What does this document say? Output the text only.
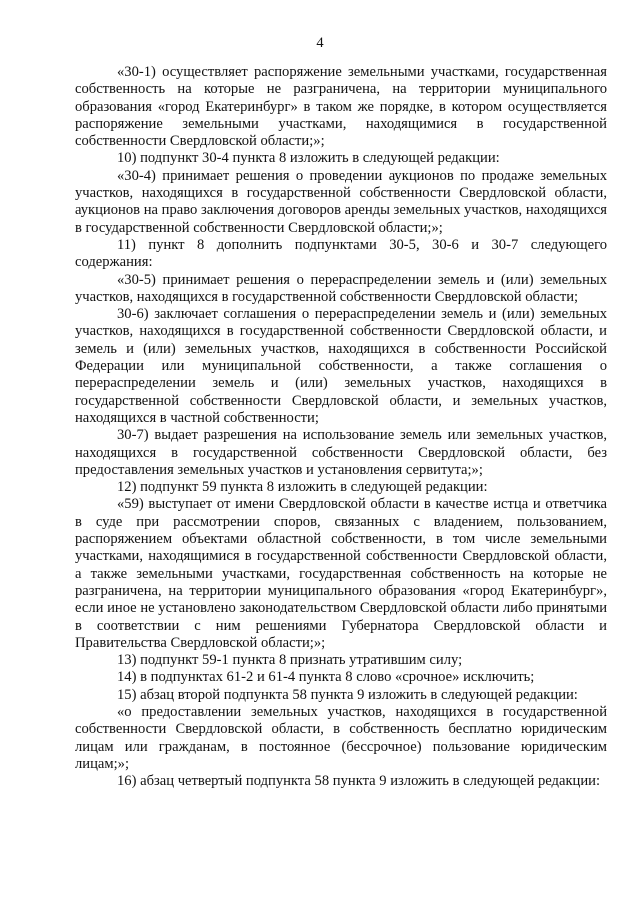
4

«30-1) осуществляет распоряжение земельными участками, государственная собственность на которые не разграничена, на территории муниципального образования «город Екатеринбург» в таком же порядке, в котором осуществляется распоряжение земельными участками, находящимися в государственной собственности Свердловской области;»;

10) подпункт 30-4 пункта 8 изложить в следующей редакции:

«30-4) принимает решения о проведении аукционов по продаже земельных участков, находящихся в государственной собственности Свердловской области, аукционов на право заключения договоров аренды земельных участков, находящихся в государственной собственности Свердловской области;»;

11) пункт 8 дополнить подпунктами 30-5, 30-6 и 30-7 следующего содержания:

«30-5) принимает решения о перераспределении земель и (или) земельных участков, находящихся в государственной собственности Свердловской области;

30-6) заключает соглашения о перераспределении земель и (или) земельных участков, находящихся в государственной собственности Свердловской области, и земель и (или) земельных участков, находящихся в собственности Российской Федерации или муниципальной собственности, а также соглашения о перераспределении земель и (или) земельных участков, находящихся в государственной собственности Свердловской области, и земельных участков, находящихся в частной собственности;

30-7) выдает разрешения на использование земель или земельных участков, находящихся в государственной собственности Свердловской области, без предоставления земельных участков и установления сервитута;»;

12) подпункт 59 пункта 8 изложить в следующей редакции:

«59) выступает от имени Свердловской области в качестве истца и ответчика в суде при рассмотрении споров, связанных с владением, пользованием, распоряжением объектами областной собственности, в том числе земельными участками, находящимися в государственной собственности Свердловской области, а также земельными участками, государственная собственность на которые не разграничена, на территории муниципального образования «город Екатеринбург», если иное не установлено законодательством Свердловской области либо принятыми в соответствии с ним решениями Губернатора Свердловской области и Правительства Свердловской области;»;

13) подпункт 59-1 пункта 8 признать утратившим силу;

14) в подпунктах 61-2 и 61-4 пункта 8 слово «срочное» исключить;

15) абзац второй подпункта 58 пункта 9 изложить в следующей редакции:

«о предоставлении земельных участков, находящихся в государственной собственности Свердловской области, в собственность бесплатно юридическим лицам или гражданам, в постоянное (бессрочное) пользование юридическим лицам;»;

16) абзац четвертый подпункта 58 пункта 9 изложить в следующей редакции:
